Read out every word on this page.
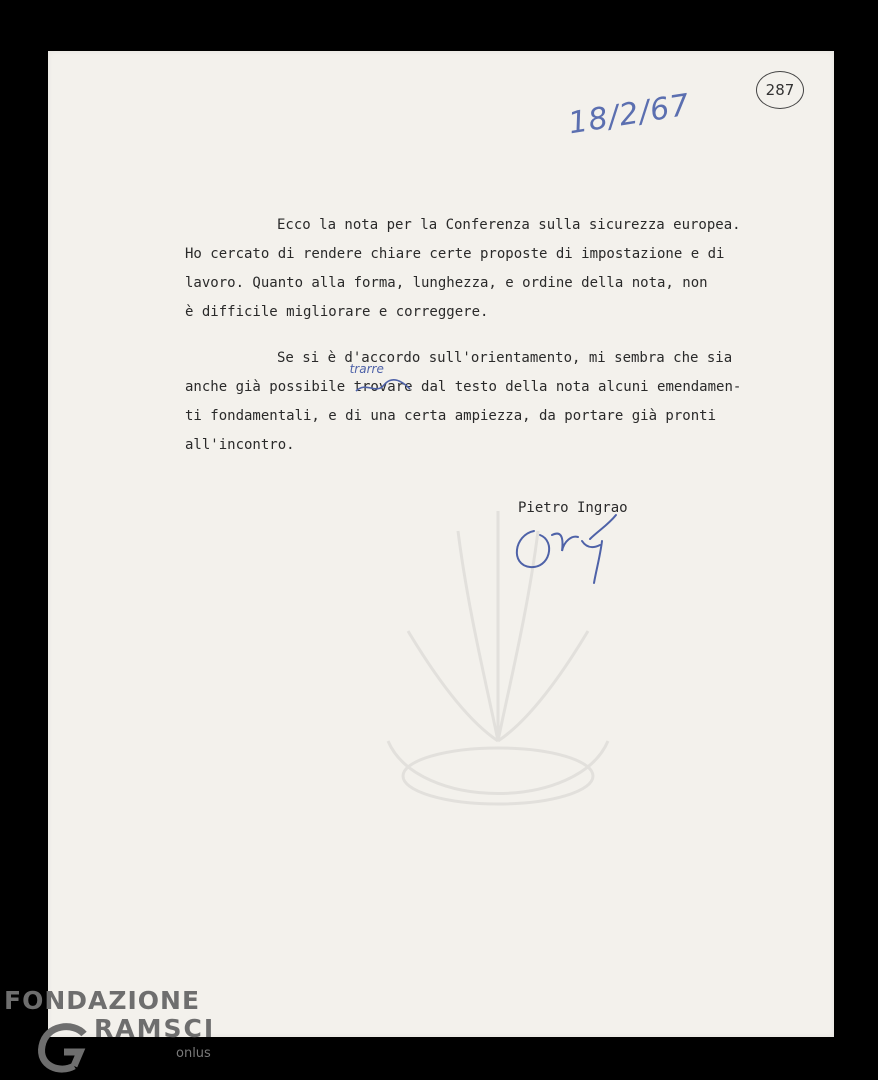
18/2/67	287
Ecco la nota per la Conferenza sulla sicurezza europea.
Ho cercato di rendere chiare certe proposte di impostazione e di
lavoro. Quanto alla forma, lunghezza, e ordine della nota, non
è difficile migliorare e correggere.
Se si è d'accordo sull'orientamento, mi sembra che sia
anche già possibile trovare
trarre
dal testo della nota alcuni emendamen-
ti fondamentali, e di una certa ampiezza, da portare già pronti
all'incontro.
Pietro Ingrao
FONDAZIONE
RAMSCI
onlus
